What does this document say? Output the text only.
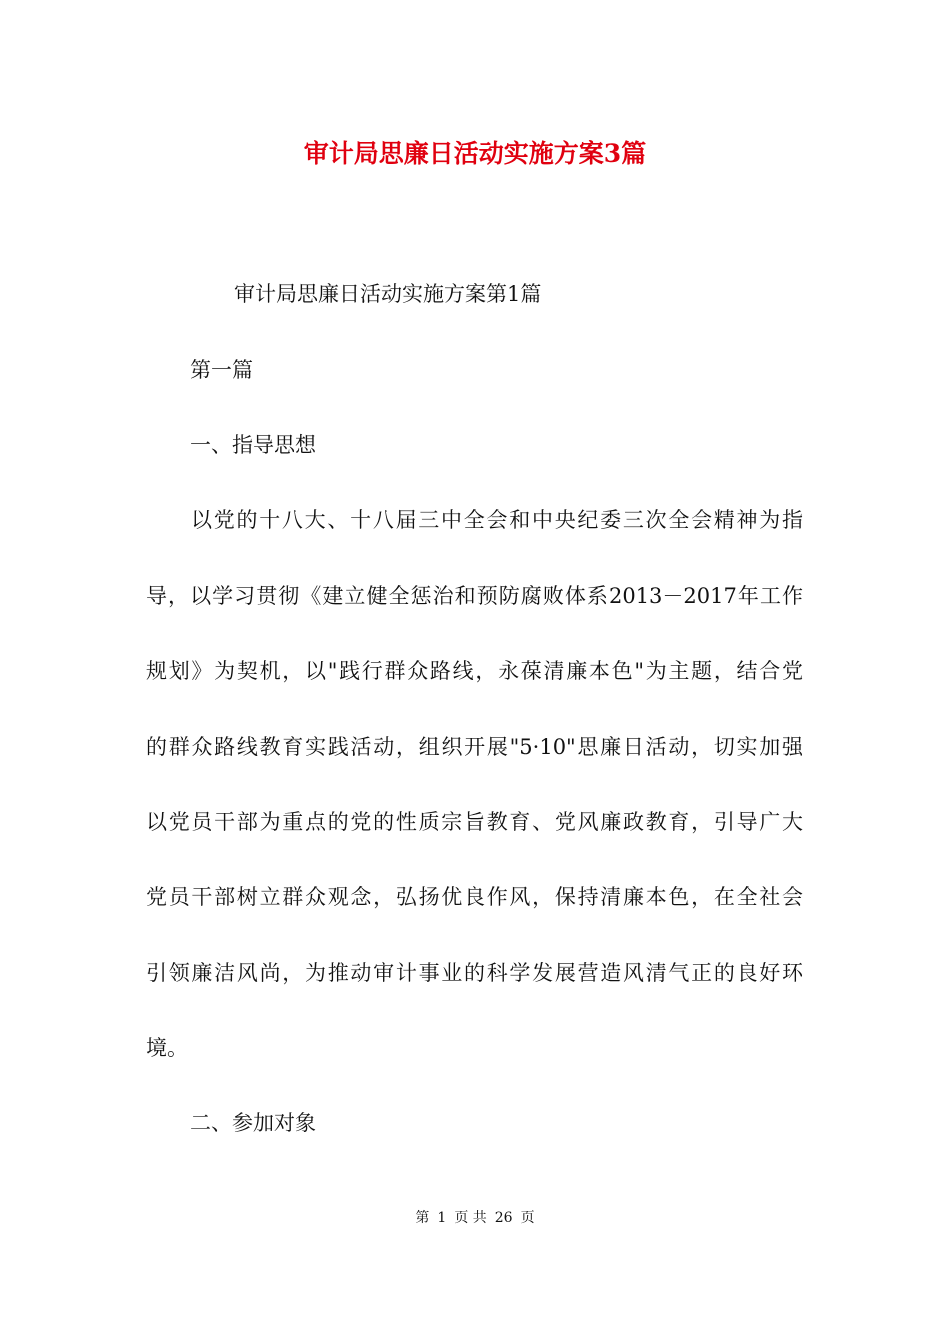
审计局思廉日活动实施方案3篇
审计局思廉日活动实施方案第1篇
第一篇
一、指导思想
以党的十八大、十八届三中全会和中央纪委三次全会精神为指
导，以学习贯彻《建立健全惩治和预防腐败体系2013－2017年工作
规划》为契机，以"践行群众路线，永葆清廉本色"为主题，结合党
的群众路线教育实践活动，组织开展"5·10"思廉日活动，切实加强
以党员干部为重点的党的性质宗旨教育、党风廉政教育，引导广大
党员干部树立群众观念，弘扬优良作风，保持清廉本色，在全社会
引领廉洁风尚，为推动审计事业的科学发展营造风清气正的良好环
境。
二、参加对象
第 1 页 共 26 页
